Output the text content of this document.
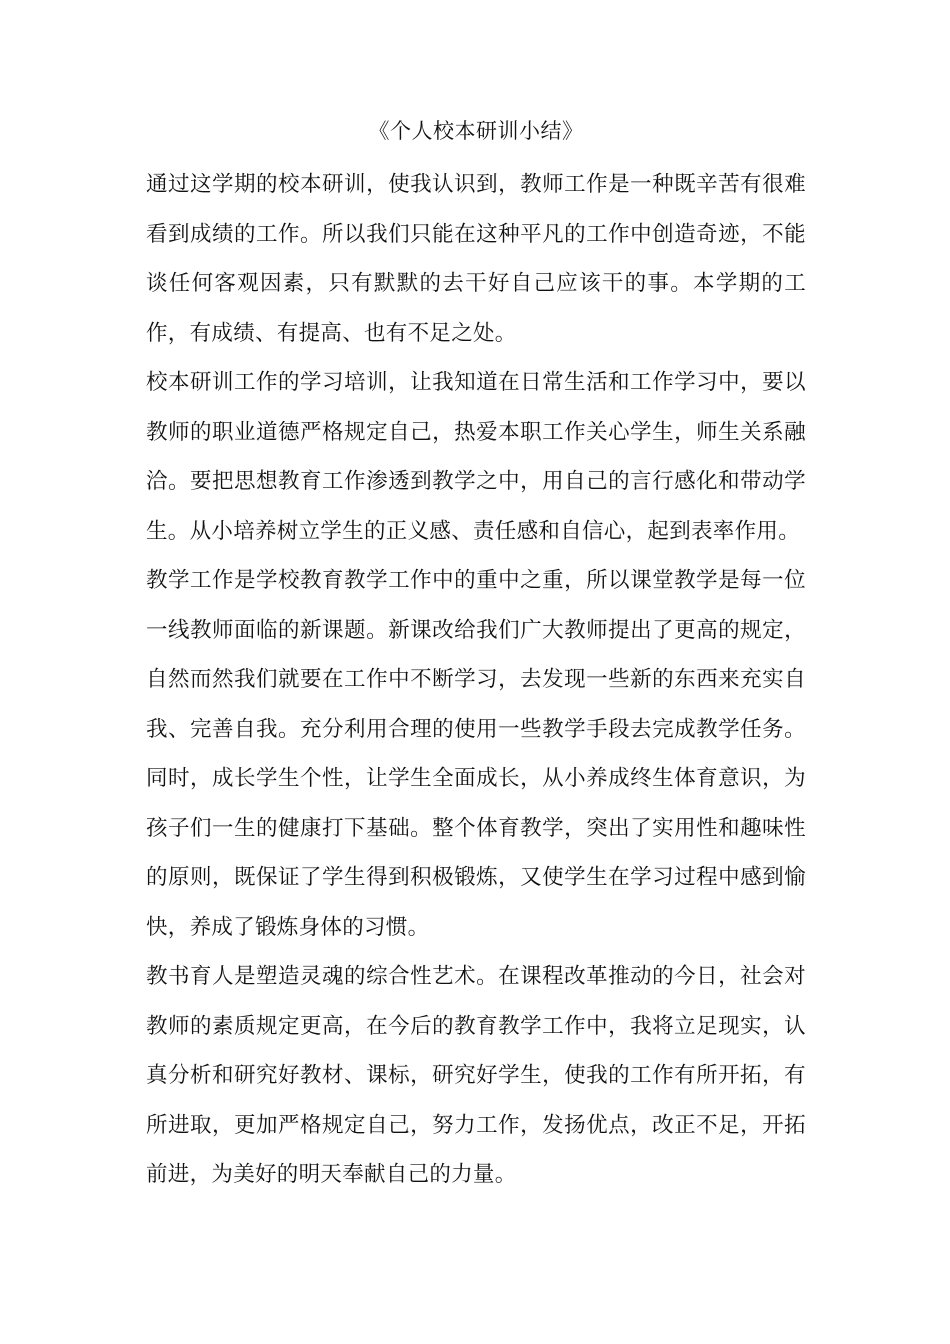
《个人校本研训小结》

通过这学期的校本研训，使我认识到，教师工作是一种既辛苦有很难看到成绩的工作。所以我们只能在这种平凡的工作中创造奇迹，不能谈任何客观因素，只有默默的去干好自己应该干的事。本学期的工作，有成绩、有提高、也有不足之处。

校本研训工作的学习培训，让我知道在日常生活和工作学习中，要以教师的职业道德严格规定自己，热爱本职工作关心学生，师生关系融洽。要把思想教育工作渗透到教学之中，用自己的言行感化和带动学生。从小培养树立学生的正义感、责任感和自信心，起到表率作用。

教学工作是学校教育教学工作中的重中之重，所以课堂教学是每一位一线教师面临的新课题。新课改给我们广大教师提出了更高的规定，自然而然我们就要在工作中不断学习，去发现一些新的东西来充实自我、完善自我。充分利用合理的使用一些教学手段去完成教学任务。同时，成长学生个性，让学生全面成长，从小养成终生体育意识，为孩子们一生的健康打下基础。整个体育教学，突出了实用性和趣味性的原则，既保证了学生得到积极锻炼，又使学生在学习过程中感到愉快，养成了锻炼身体的习惯。

教书育人是塑造灵魂的综合性艺术。在课程改革推动的今日，社会对教师的素质规定更高，在今后的教育教学工作中，我将立足现实，认真分析和研究好教材、课标，研究好学生，使我的工作有所开拓，有所进取，更加严格规定自己，努力工作，发扬优点，改正不足，开拓前进，为美好的明天奉献自己的力量。
